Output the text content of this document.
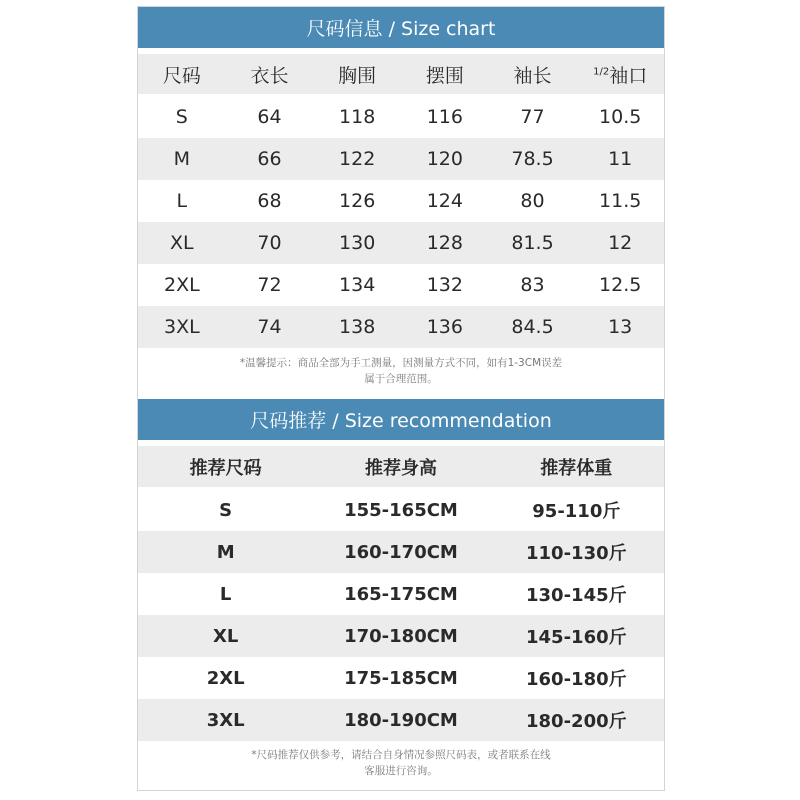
尺码信息 / Size chart
尺码	衣长	胸围	摆围	袖长	$^{1/2}$袖口
S	64	118	116	77	10.5
M	66	122	120	78.5	11
L	68	126	124	80	11.5
XL	70	130	128	81.5	12
2XL	72	134	132	83	12.5
3XL	74	138	136	84.5	13
*温馨提示：商品全部为手工测量，因测量方式不同，如有1-3CM误差
属于合理范围。
尺码推荐 / Size recommendation
推荐尺码	推荐身高	推荐体重
S	155-165CM	95-110斤
M	160-170CM	110-130斤
L	165-175CM	130-145斤
XL	170-180CM	145-160斤
2XL	175-185CM	160-180斤
3XL	180-190CM	180-200斤
*尺码推荐仅供参考，请结合自身情况参照尺码表，或者联系在线
客服进行咨询。
